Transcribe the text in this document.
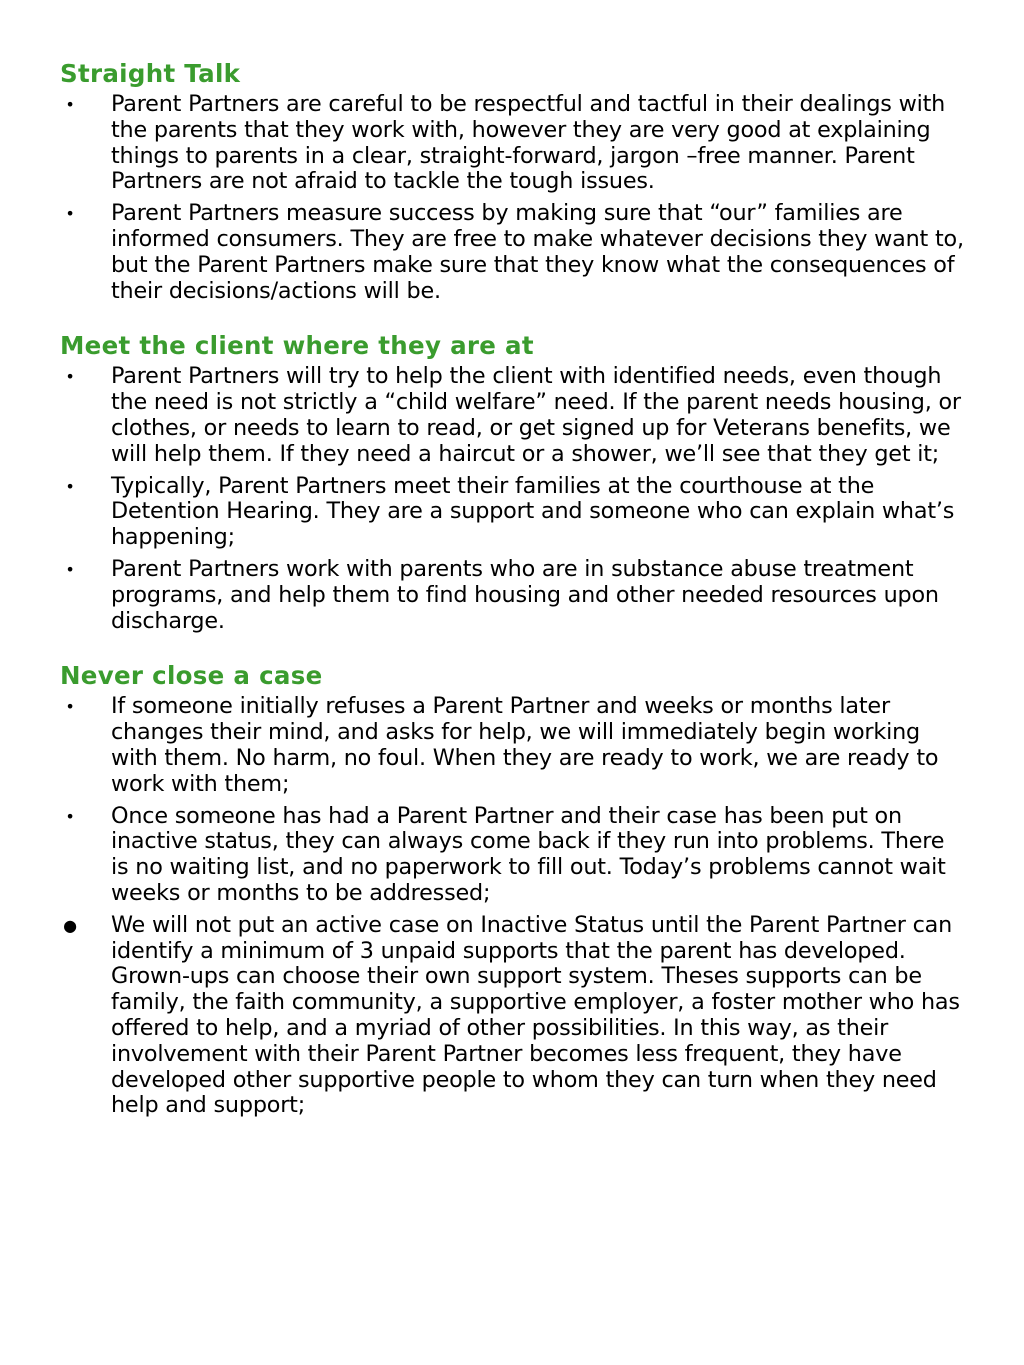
Straight Talk
• Parent Partners are careful to be respectful and tactful in their dealings with the parents that they work with, however they are very good at explaining things to parents in a clear, straight-forward, jargon –free manner. Parent Partners are not afraid to tackle the tough issues.
• Parent Partners measure success by making sure that “our” families are informed consumers. They are free to make whatever decisions they want to, but the Parent Partners make sure that they know what the consequences of their decisions/actions will be.
Meet the client where they are at
• Parent Partners will try to help the client with identified needs, even though the need is not strictly a “child welfare” need. If the parent needs housing, or clothes, or needs to learn to read, or get signed up for Veterans benefits, we will help them. If they need a haircut or a shower, we’ll see that they get it;
• Typically, Parent Partners meet their families at the courthouse at the Detention Hearing. They are a support and someone who can explain what’s happening;
• Parent Partners work with parents who are in substance abuse treatment programs, and help them to find housing and other needed resources upon discharge.
Never close a case
• If someone initially refuses a Parent Partner and weeks or months later changes their mind, and asks for help, we will immediately begin working with them. No harm, no foul. When they are ready to work, we are ready to work with them;
• Once someone has had a Parent Partner and their case has been put on inactive status, they can always come back if they run into problems. There is no waiting list, and no paperwork to fill out. Today’s problems cannot wait weeks or months to be addressed;
● We will not put an active case on Inactive Status until the Parent Partner can identify a minimum of 3 unpaid supports that the parent has developed. Grown-ups can choose their own support system. Theses supports can be family, the faith community, a supportive employer, a foster mother who has offered to help, and a myriad of other possibilities. In this way, as their involvement with their Parent Partner becomes less frequent, they have developed other supportive people to whom they can turn when they need help and support;
